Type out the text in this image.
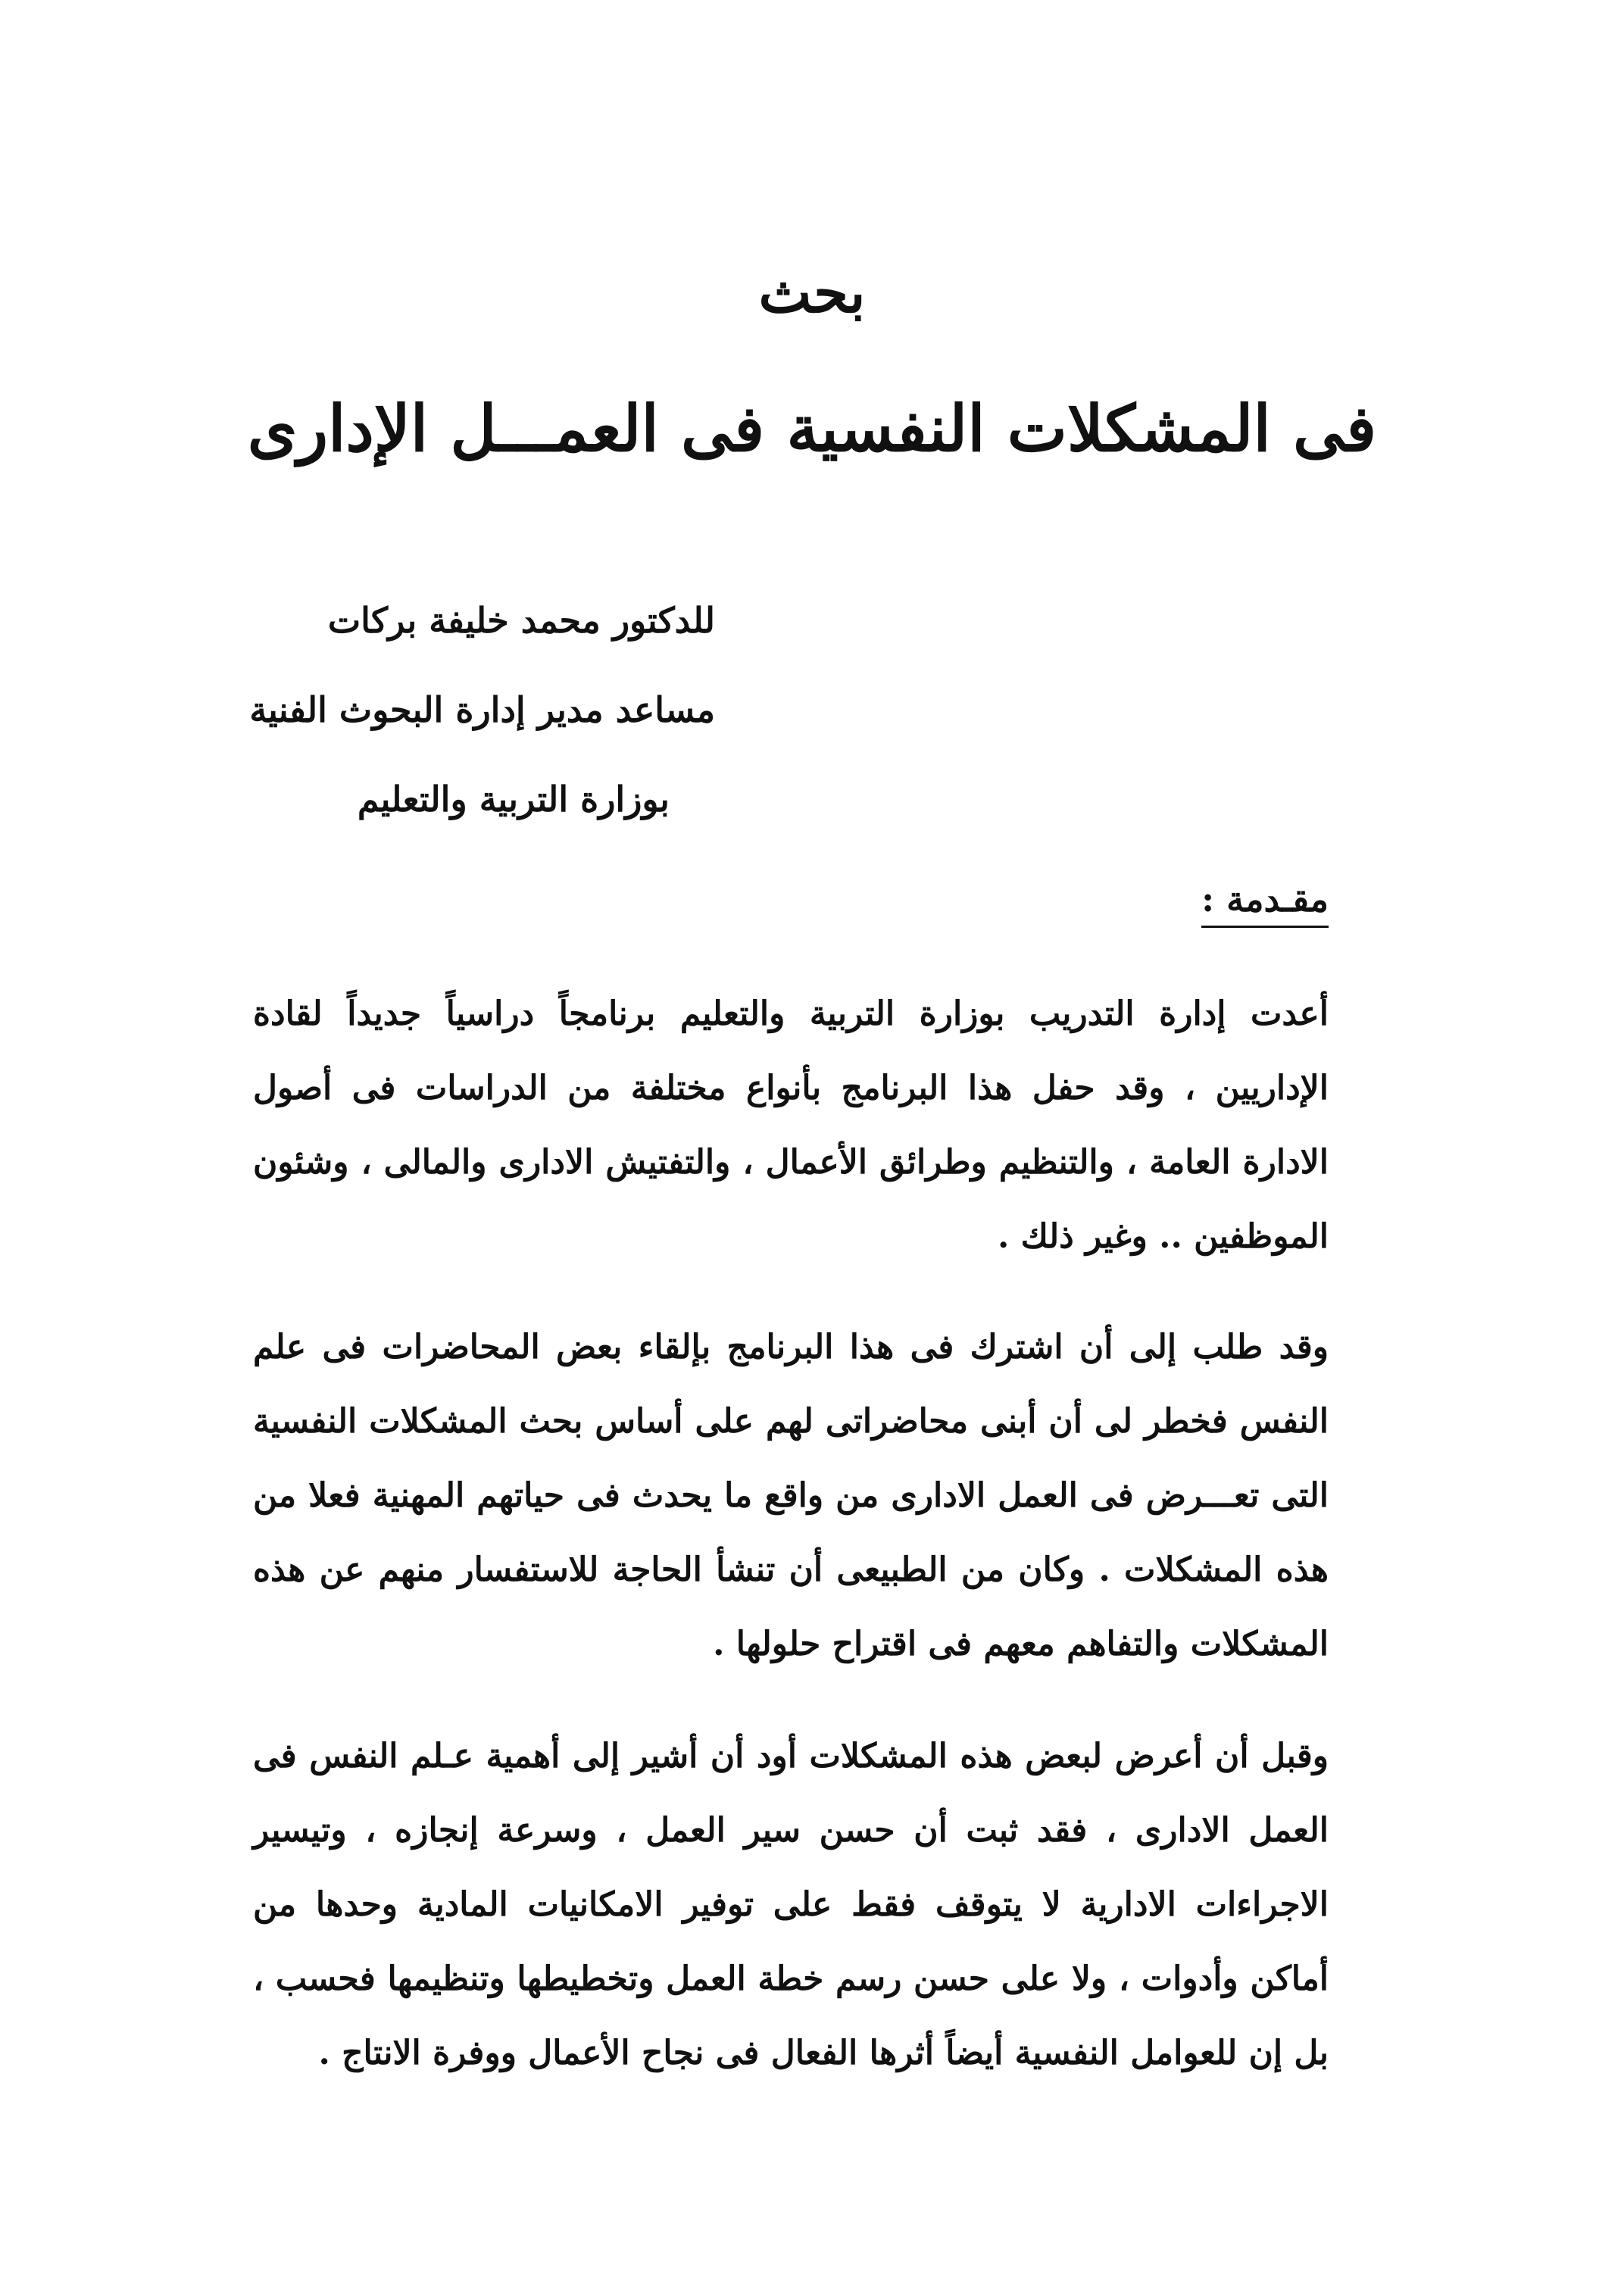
بحث
فى المشكلات النفسية فى العمـــل الإدارى
للدكتور محمد خليفة بركات
مساعد مدير إدارة البحوث الفنية
بوزارة التربية والتعليم
مقـدمة :
أعدت إدارة التدريب بوزارة التربية والتعليم برنامجاً دراسياً جديداً لقادة الإداريين ، وقد حفل هذا البرنامج بأنواع مختلفة من الدراسات فى أصول الادارة العامة ، والتنظيم وطرائق الأعمال ، والتفتيش الادارى والمالى ، وشئون الموظفين .. وغير ذلك .
وقد طلب إلى أن اشترك فى هذا البرنامج بإلقاء بعض المحاضرات فى علم النفس فخطر لى أن أبنى محاضراتى لهم على أساس بحث المشكلات النفسية التى تعـــرض فى العمل الادارى من واقع ما يحدث فى حياتهم المهنية فعلا من هذه المشكلات . وكان من الطبيعى أن تنشأ الحاجة للاستفسار منهم عن هذه المشكلات والتفاهم معهم فى اقتراح حلولها .
وقبل أن أعرض لبعض هذه المشكلات أود أن أشير إلى أهمية عـلم النفس فى العمل الادارى ، فقد ثبت أن حسن سير العمل ، وسرعة إنجازه ، وتيسير الاجراءات الادارية لا يتوقف فقط على توفير الامكانيات المادية وحدها من أماكن وأدوات ، ولا على حسن رسم خطة العمل وتخطيطها وتنظيمها فحسب ، بل إن للعوامل النفسية أيضاً أثرها الفعال فى نجاح الأعمال ووفرة الانتاج .
